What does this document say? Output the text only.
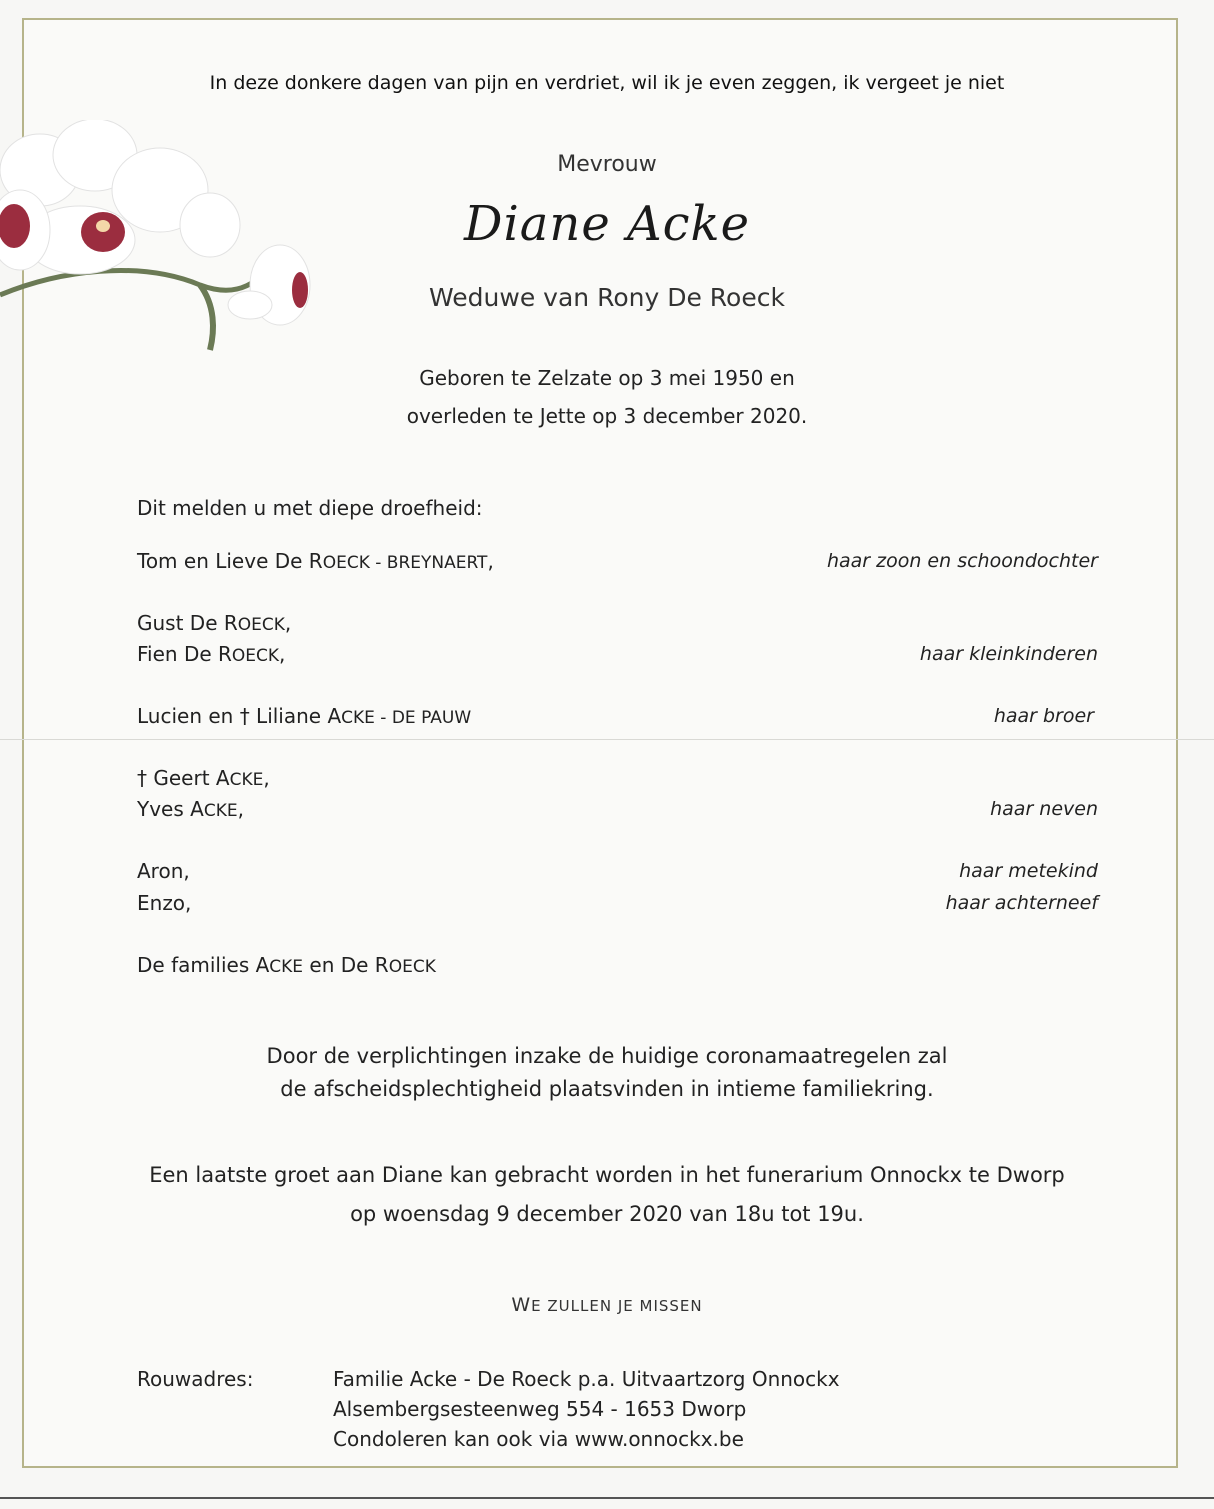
In deze donkere dagen van pijn en verdriet, wil ik je even zeggen, ik vergeet je niet
Mevrouw
Diane Acke
Weduwe van Rony De Roeck
Geboren te Zelzate op 3 mei 1950 en
overleden te Jette op 3 december 2020.
Dit melden u met diepe droefheid:
Tom en Lieve De ROECK - BREYNAERT,	haar zoon en schoondochter
Gust De ROECK,
Fien De ROECK,	haar kleinkinderen
Lucien en † Liliane ACKE - DE PAUW	haar broer
† Geert ACKE,
Yves ACKE,	haar neven
Aron,	haar metekind
Enzo,	haar achterneef
De families ACKE en De ROECK
Door de verplichtingen inzake de huidige coronamaatregelen zal
de afscheidsplechtigheid plaatsvinden in intieme familiekring.
Een laatste groet aan Diane kan gebracht worden in het funerarium Onnockx te Dworp
op woensdag 9 december 2020 van 18u tot 19u.
WE ZULLEN JE MISSEN
Rouwadres:	Familie Acke - De Roeck p.a. Uitvaartzorg Onnockx
Alsembergsesteenweg 554 - 1653 Dworp
Condoleren kan ook via www.onnockx.be
